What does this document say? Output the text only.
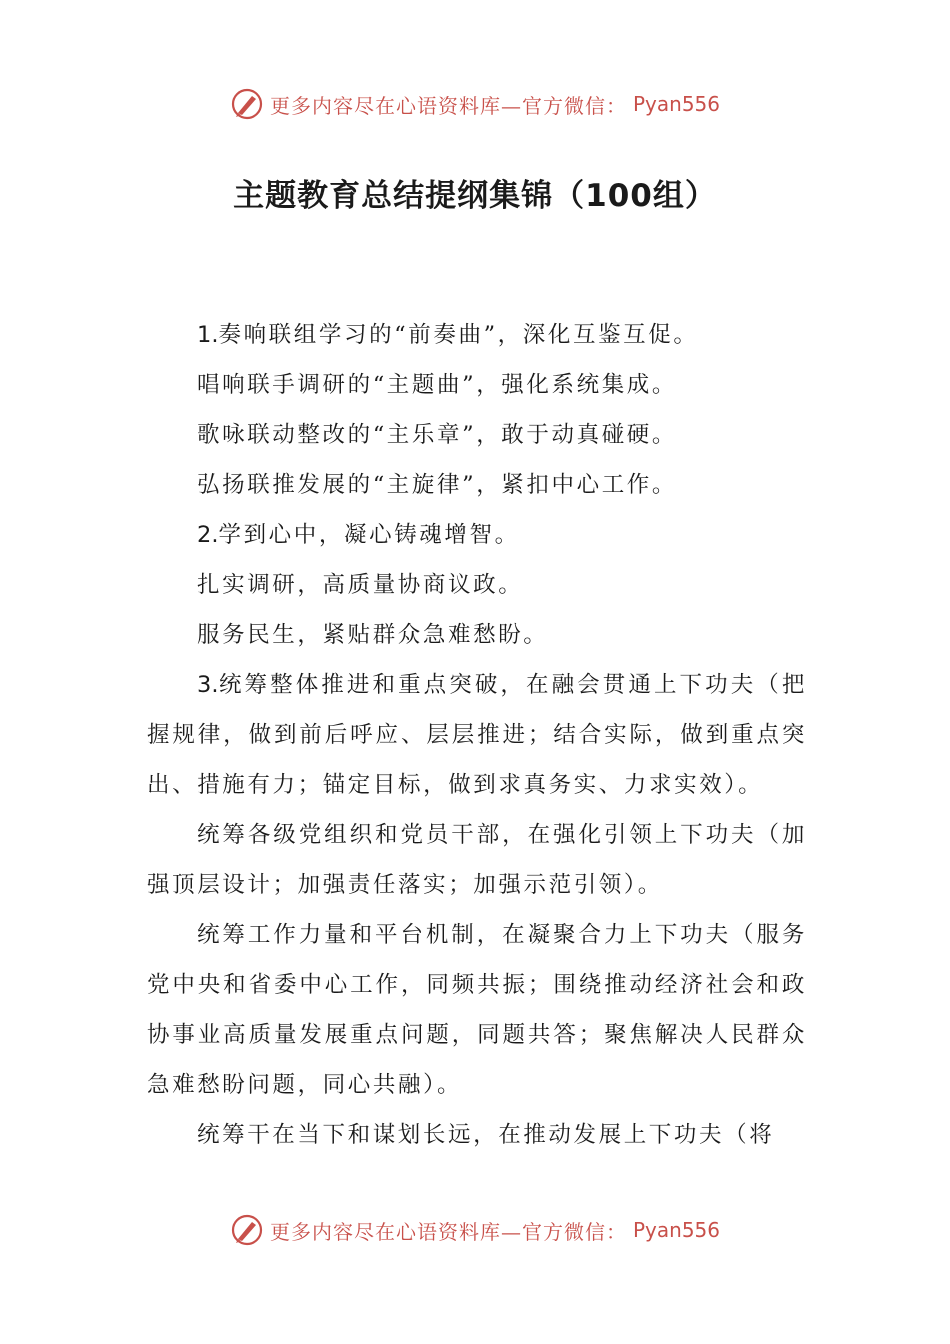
更多内容尽在心语资料库—官方微信： Pyan556
主题教育总结提纲集锦（100组）

1.奏响联组学习的“前奏曲”，深化互鉴互促。

唱响联手调研的“主题曲”，强化系统集成。

歌咏联动整改的“主乐章”，敢于动真碰硬。

弘扬联推发展的“主旋律”，紧扣中心工作。

2.学到心中，凝心铸魂增智。

扎实调研，高质量协商议政。

服务民生，紧贴群众急难愁盼。

3.统筹整体推进和重点突破，在融会贯通上下功夫（把握规律，做到前后呼应、层层推进；结合实际，做到重点突出、措施有力；锚定目标，做到求真务实、力求实效）。

统筹各级党组织和党员干部，在强化引领上下功夫（加强顶层设计；加强责任落实；加强示范引领）。

统筹工作力量和平台机制，在凝聚合力上下功夫（服务党中央和省委中心工作，同频共振；围绕推动经济社会和政协事业高质量发展重点问题，同题共答；聚焦解决人民群众急难愁盼问题，同心共融）。

统筹干在当下和谋划长远，在推动发展上下功夫（将

更多内容尽在心语资料库—官方微信： Pyan556
